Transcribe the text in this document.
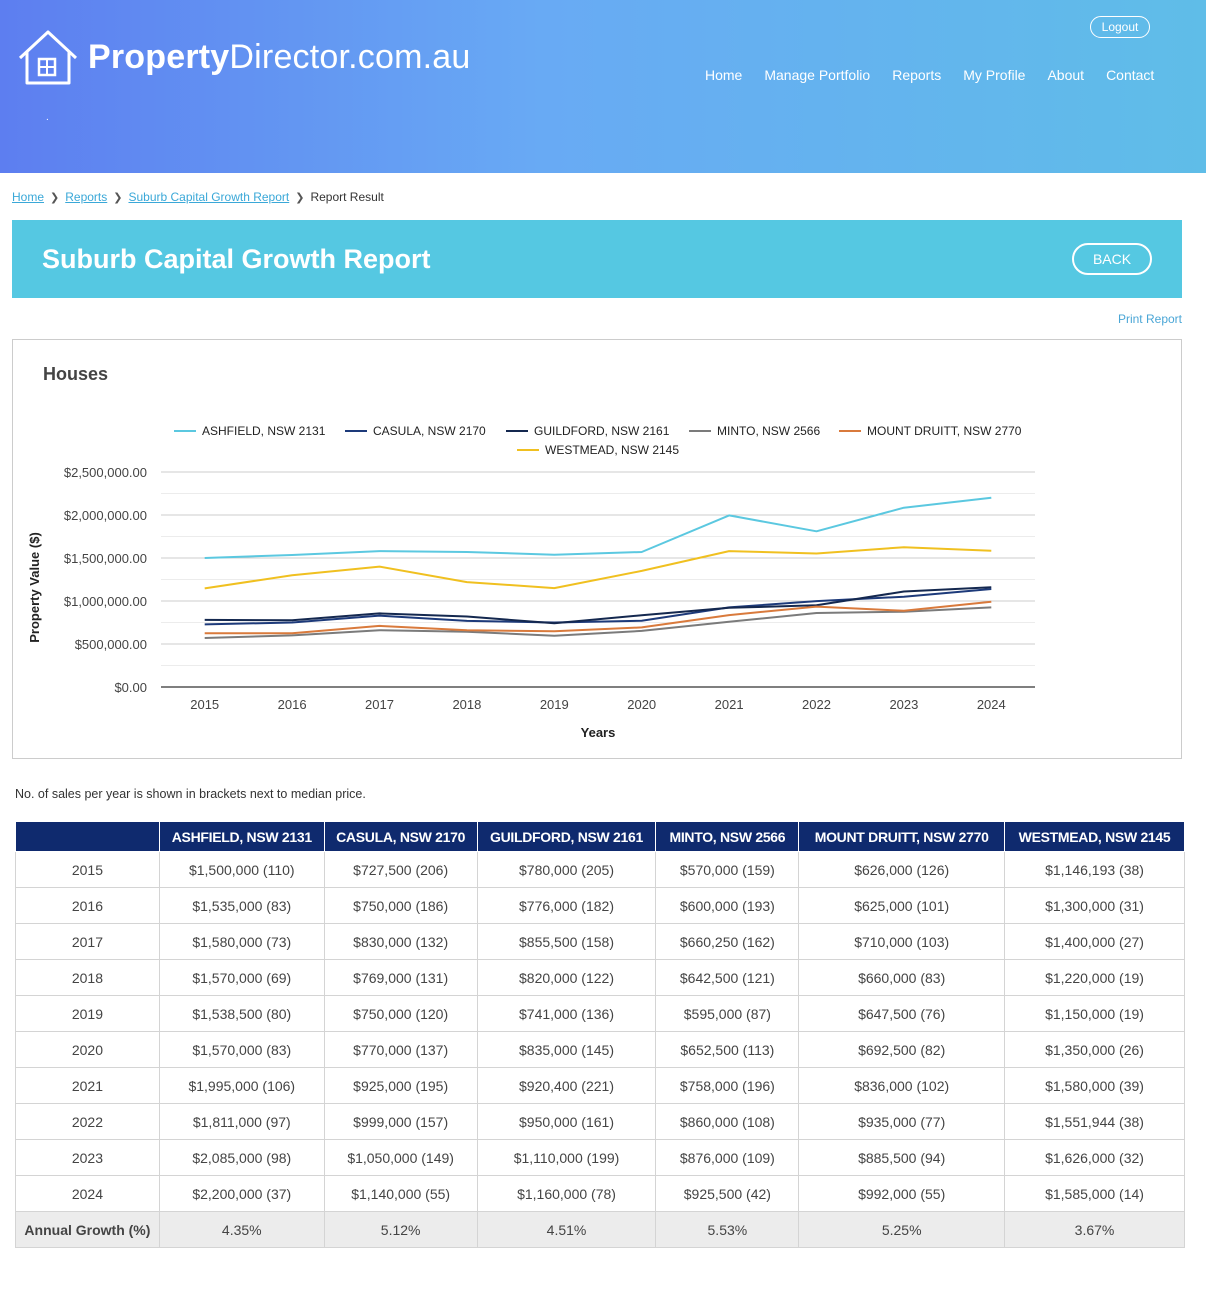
PropertyDirector.com.au
.
Logout
Home Manage Portfolio Reports My Profile About Contact
Home ❯ Reports ❯ Suburb Capital Growth Report ❯ Report Result
Suburb Capital Growth Report	BACK
Print Report
Houses
$0.00
$500,000.00
$1,000,000.00
$1,500,000.00
$2,000,000.00
$2,500,000.00
2015	2016	2017	2018	2019	2020	2021	2022	2023	2024
Years
Property Value ($)
ASHFIELD, NSW 2131	CASULA, NSW 2170	GUILDFORD, NSW 2161	MINTO, NSW 2566	MOUNT DRUITT, NSW 2770
WESTMEAD, NSW 2145
No. of sales per year is shown in brackets next to median price.
	ASHFIELD, NSW 2131	CASULA, NSW 2170	GUILDFORD, NSW 2161	MINTO, NSW 2566	MOUNT DRUITT, NSW 2770	WESTMEAD, NSW 2145
2015	$1,500,000 (110)	$727,500 (206)	$780,000 (205)	$570,000 (159)	$626,000 (126)	$1,146,193 (38)
2016	$1,535,000 (83)	$750,000 (186)	$776,000 (182)	$600,000 (193)	$625,000 (101)	$1,300,000 (31)
2017	$1,580,000 (73)	$830,000 (132)	$855,500 (158)	$660,250 (162)	$710,000 (103)	$1,400,000 (27)
2018	$1,570,000 (69)	$769,000 (131)	$820,000 (122)	$642,500 (121)	$660,000 (83)	$1,220,000 (19)
2019	$1,538,500 (80)	$750,000 (120)	$741,000 (136)	$595,000 (87)	$647,500 (76)	$1,150,000 (19)
2020	$1,570,000 (83)	$770,000 (137)	$835,000 (145)	$652,500 (113)	$692,500 (82)	$1,350,000 (26)
2021	$1,995,000 (106)	$925,000 (195)	$920,400 (221)	$758,000 (196)	$836,000 (102)	$1,580,000 (39)
2022	$1,811,000 (97)	$999,000 (157)	$950,000 (161)	$860,000 (108)	$935,000 (77)	$1,551,944 (38)
2023	$2,085,000 (98)	$1,050,000 (149)	$1,110,000 (199)	$876,000 (109)	$885,500 (94)	$1,626,000 (32)
2024	$2,200,000 (37)	$1,140,000 (55)	$1,160,000 (78)	$925,500 (42)	$992,000 (55)	$1,585,000 (14)
Annual Growth (%)	4.35%	5.12%	4.51%	5.53%	5.25%	3.67%
